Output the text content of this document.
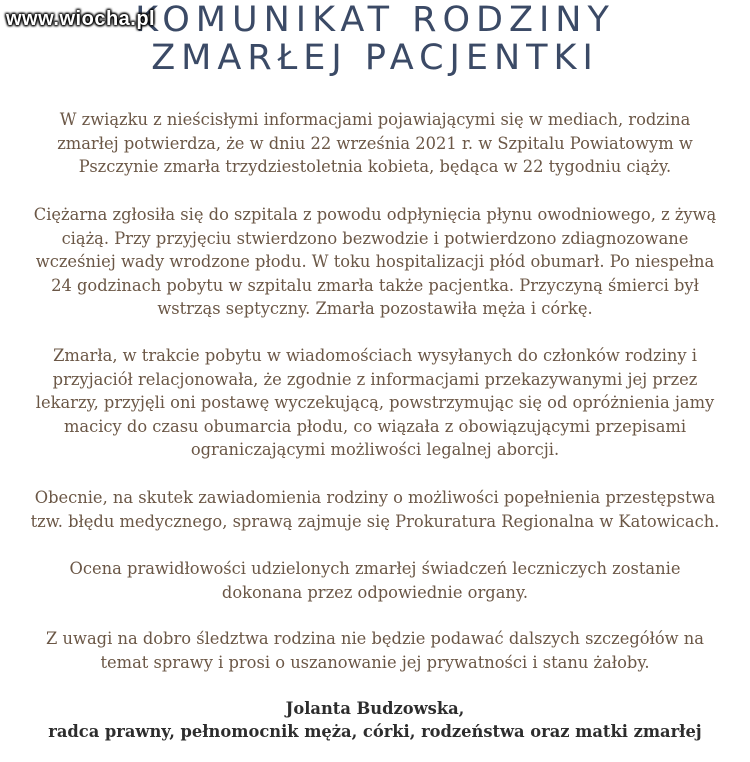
www.wiocha.pl
KOMUNIKAT RODZINY
ZMARŁEJ PACJENTKI
W związku z nieścisłymi informacjami pojawiającymi się w mediach, rodzina zmarłej potwierdza, że w dniu 22 września 2021 r. w Szpitalu Powiatowym w Pszczynie zmarła trzydziestoletnia kobieta, będąca w 22 tygodniu ciąży.
Ciężarna zgłosiła się do szpitala z powodu odpłynięcia płynu owodniowego, z żywą ciążą. Przy przyjęciu stwierdzono bezwodzie i potwierdzono zdiagnozowane wcześniej wady wrodzone płodu. W toku hospitalizacji płód obumarł. Po niespełna 24 godzinach pobytu w szpitalu zmarła także pacjentka. Przyczyną śmierci był wstrząs septyczny. Zmarła pozostawiła męża i córkę.
Zmarła, w trakcie pobytu w wiadomościach wysyłanych do członków rodziny i przyjaciół relacjonowała, że zgodnie z informacjami przekazywanymi jej przez lekarzy, przyjęli oni postawę wyczekującą, powstrzymując się od opróżnienia jamy macicy do czasu obumarcia płodu, co wiązała z obowiązującymi przepisami ograniczającymi możliwości legalnej aborcji.
Obecnie, na skutek zawiadomienia rodziny o możliwości popełnienia przestępstwa tzw. błędu medycznego, sprawą zajmuje się Prokuratura Regionalna w Katowicach.
Ocena prawidłowości udzielonych zmarłej świadczeń leczniczych zostanie dokonana przez odpowiednie organy.
Z uwagi na dobro śledztwa rodzina nie będzie podawać dalszych szczegółów na temat sprawy i prosi o uszanowanie jej prywatności i stanu żałoby.
Jolanta Budzowska,
radca prawny, pełnomocnik męża, córki, rodzeństwa oraz matki zmarłej
